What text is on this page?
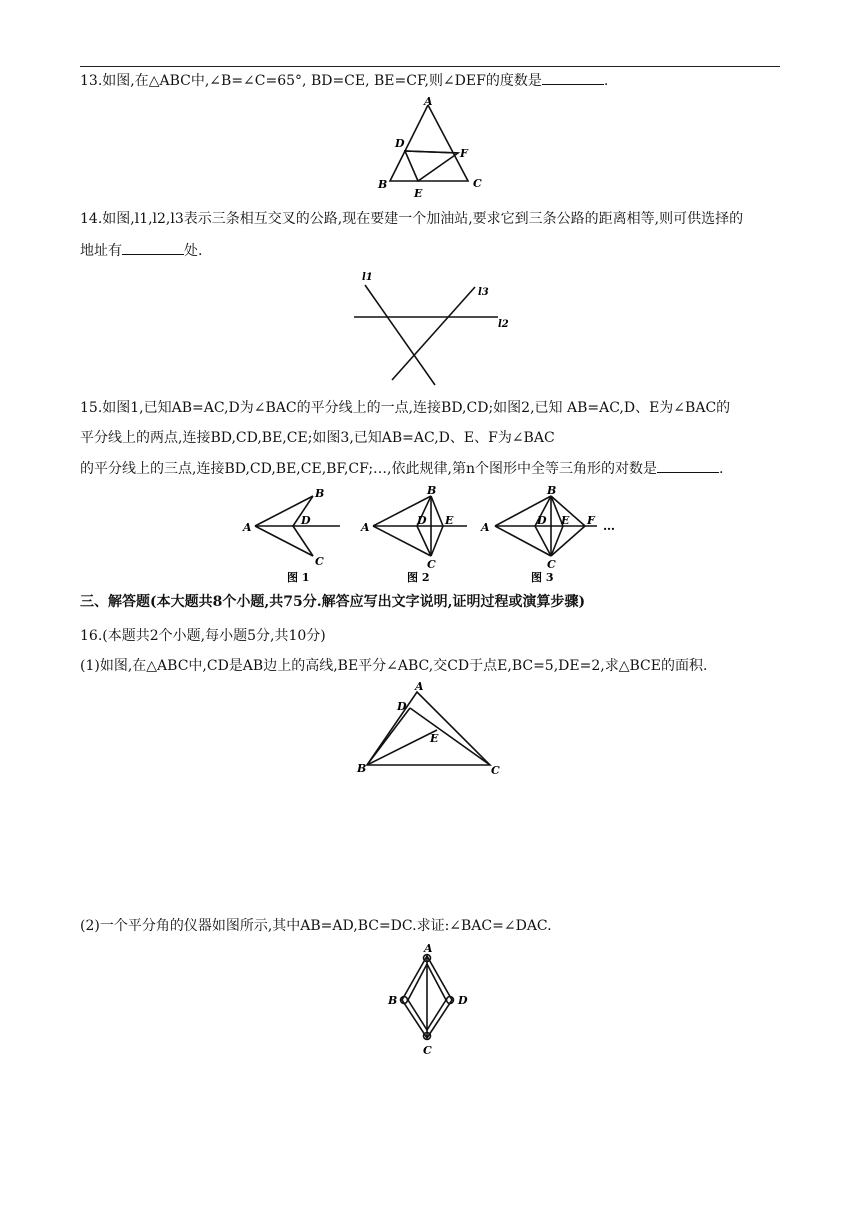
13.如图,在△ABC中,∠B=∠C=65°, BD=CE, BE=CF,则∠DEF的度数是	.
A
B	C
D
E
F
14.如图,l1,l2,l3表示三条相互交叉的公路,现在要建一个加油站,要求它到三条公路的距离相等,则可供选择的
地址有	处.
l1
l3
l2
15.如图1,已知AB=AC,D为∠BAC的平分线上的一点,连接BD,CD;如图2,已知 AB=AC,D、E为∠BAC的
平分线上的两点,连接BD,CD,BE,CE;如图3,已知AB=AC,D、E、F为∠BAC
的平分线上的三点,连接BD,CD,BE,CE,BF,CF;…,依此规律,第n个图形中全等三角形的对数是	.
A
B
D
C
图 1
A
B
D E
C
图 2
A
B
D E F
C
…
图 3
三、解答题(本大题共8个小题,共75分.解答应写出文字说明,证明过程或演算步骤)
16.(本题共2个小题,每小题5分,共10分)
(1)如图,在△ABC中,CD是AB边上的高线,BE平分∠ABC,交CD于点E,BC=5,DE=2,求△BCE的面积.
A
D
E
B	C
(2)一个平分角的仪器如图所示,其中AB=AD,BC=DC.求证:∠BAC=∠DAC.
A
B	D
C
